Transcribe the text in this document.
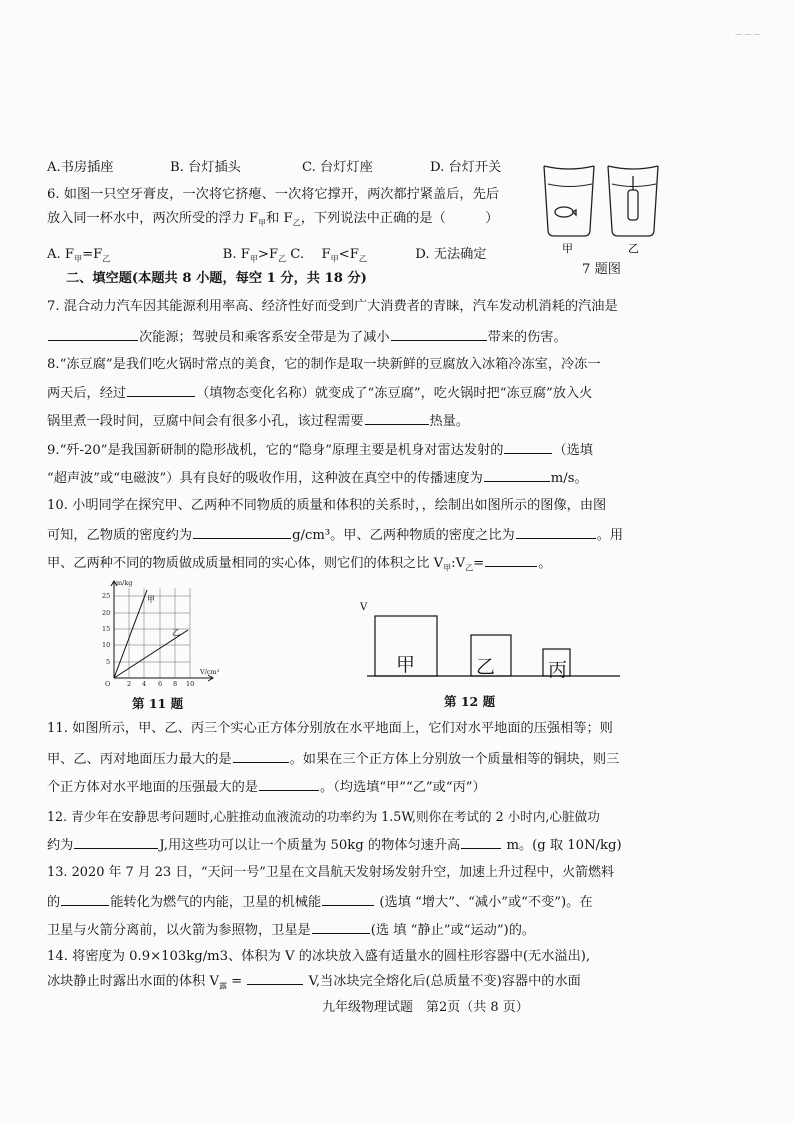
— — —
A.书房插座	B. 台灯插头	C. 台灯灯座	D. 台灯开关
6. 如图一只空牙膏皮，一次将它挤瘪、一次将它撑开，两次都拧紧盖后，先后
放入同一杯水中，两次所受的浮力 $F_甲$和 $F_乙$，下列说法中正确的是（　　　）
A. $F_甲=F_乙$	B. $F_甲>F_乙$ C.　 $F_甲<F_乙$	D. 无法确定	甲	乙
7 题图
二、填空题(本题共 8 小题，每空 1 分，共 18 分)
7. 混合动力汽车因其能源利用率高、经济性好而受到广大消费者的青睐，汽车发动机消耗的汽油是
次能源；驾驶员和乘客系安全带是为了减小	带来的伤害。
8.“冻豆腐”是我们吃火锅时常点的美食，它的制作是取一块新鲜的豆腐放入冰箱冷冻室，冷冻一
两天后，经过	（填物态变化名称）就变成了“冻豆腐”，吃火锅时把“冻豆腐”放入火
锅里煮一段时间，豆腐中间会有很多小孔，该过程需要	热量。
9.“歼-20”是我国新研制的隐形战机，它的“隐身”原理主要是机身对雷达发射的	（选填
“超声波”或“电磁波”）具有良好的吸收作用，这种波在真空中的传播速度为	m/s。
10. 小明同学在探究甲、乙两种不同物质的质量和体积的关系时，，绘制出如图所示的图像，由图
可知，乙物质的密度约为	g/cm³。甲、乙两种物质的密度之比为	。用
甲、乙两种不同的物质做成质量相同的实心体，则它们的体积之比 $V_甲:V_乙=$	。
m/kg
V/cm³
O
25
20
15
10
5
2 4 6 8 10
甲
乙
第 11 题
V
甲	乙	丙
第 12 题
11. 如图所示，甲、乙、丙三个实心正方体分别放在水平地面上，它们对水平地面的压强相等；则
甲、乙、丙对地面压力最大的是	。如果在三个正方体上分别放一个质量相等的铜块，则三
个正方体对水平地面的压强最大的是	。（均选填“甲”“乙”或“丙”）
12. 青少年在安静思考问题时,心脏推动血液流动的功率约为 1.5W,则你在考试的 2 小时内,心脏做功
约为	J,用这些功可以让一个质量为 50kg 的物体匀速升高	m。(g 取 10N/kg)
13. 2020 年 7 月 23 日，“天问一号”卫星在文昌航天发射场发射升空，加速上升过程中，火箭燃料
的	能转化为燃气的内能，卫星的机械能	(选填 “增大”、“减小”或“不变”)。在
卫星与火箭分离前，以火箭为参照物，卫星是	(选 填 “静止”或“运动”)的。
14. 将密度为 0.9×103kg/m3、体积为 V 的冰块放入盛有适量水的圆柱形容器中(无水溢出),
冰块静止时露出水面的体积 $V_露$ =	V,当冰块完全熔化后(总质量不变)容器中的水面
九年级物理试题　第2页（共 8 页）
